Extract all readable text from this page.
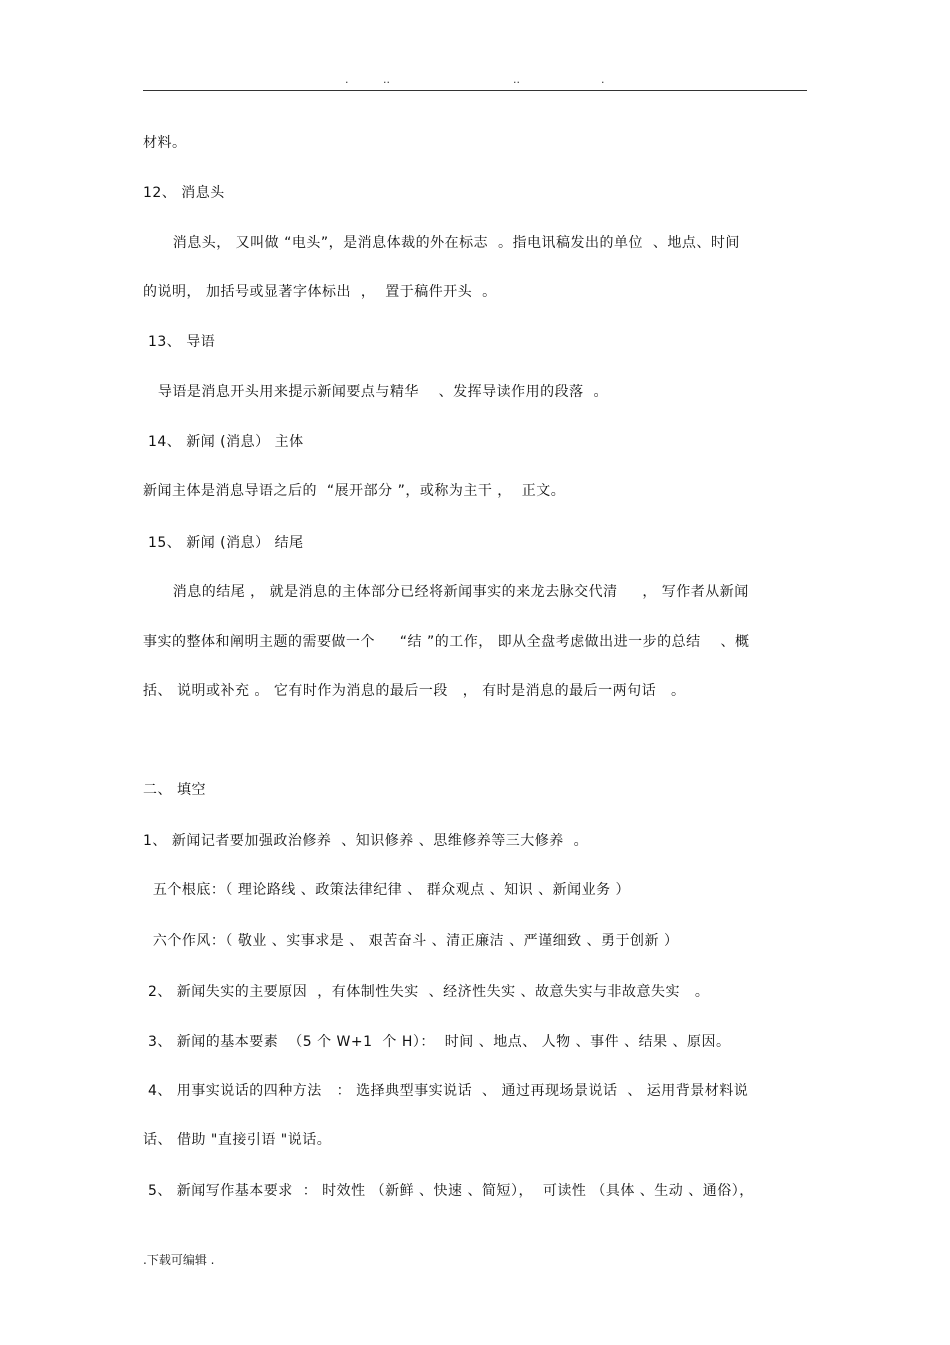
.	..	..	.
材料。
12、 消息头
消息头， 又叫做 “电头”，是消息体裁的外在标志  。指电讯稿发出的单位  、地点、时间
的说明， 加括号或显著字体标出  ，  置于稿件开头  。
13、 导语
导语是消息开头用来提示新闻要点与精华    、发挥导读作用的段落  。
14、 新闻 (消息） 主体
新闻主体是消息导语之后的  “展开部分 ”，或称为主干 ，  正文。
15、 新闻 (消息） 结尾
消息的结尾 ， 就是消息的主体部分已经将新闻事实的来龙去脉交代清     ， 写作者从新闻
事实的整体和阐明主题的需要做一个     “结 ”的工作， 即从全盘考虑做出进一步的总结    、概
括、 说明或补充 。 它有时作为消息的最后一段   ， 有时是消息的最后一两句话   。
二、 填空
1、 新闻记者要加强政治修养  、知识修养 、思维修养等三大修养  。
五个根底：（ 理论路线 、政策法律纪律 、 群众观点 、知识 、新闻业务 ）
六个作风：（ 敬业 、实事求是 、 艰苦奋斗 、清正廉洁 、严谨细致 、勇于创新 ）
2、 新闻失实的主要原因  ，有体制性失实  、经济性失实 、故意失实与非故意失实   。
3、 新闻的基本要素  （5 个 W+1  个 H）：  时间 、地点、 人物 、事件 、结果 、原因。
4、 用事实说话的四种方法   ： 选择典型事实说话  、 通过再现场景说话  、 运用背景材料说
话、 借助 "直接引语 "说话。
5、 新闻写作基本要求  ： 时效性 （新鲜 、快速 、简短），  可读性 （具体 、生动 、通俗），
.下载可编辑 .
